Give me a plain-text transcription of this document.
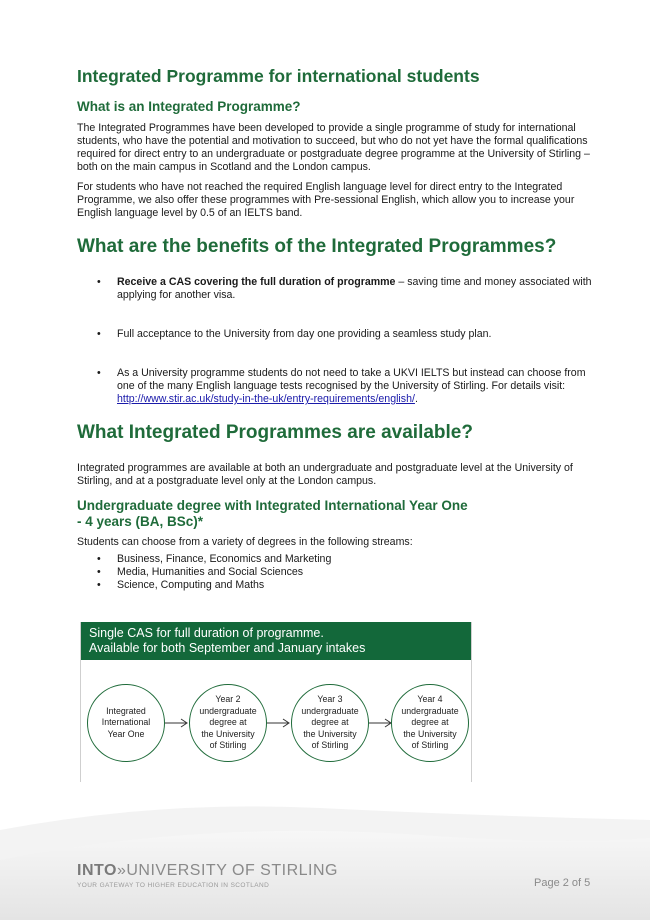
Integrated Programme for international students
What is an Integrated Programme?

The Integrated Programmes have been developed to provide a single programme of study for international students, who have the potential and motivation to succeed, but who do not yet have the formal qualifications required for direct entry to an undergraduate or postgraduate degree programme at the University of Stirling – both on the main campus in Scotland and the London campus.

For students who have not reached the required English language level for direct entry to the Integrated Programme, we also offer these programmes with Pre-sessional English, which allow you to increase your English language level by 0.5 of an IELTS band.

What are the benefits of the Integrated Programmes?
• Receive a CAS covering the full duration of programme – saving time and money associated with applying for another visa.
• Full acceptance to the University from day one providing a seamless study plan.
• As a University programme students do not need to take a UKVI IELTS but instead can choose from one of the many English language tests recognised by the University of Stirling. For details visit: http://www.stir.ac.uk/study-in-the-uk/entry-requirements/english/.
What Integrated Programmes are available?

Integrated programmes are available at both an undergraduate and postgraduate level at the University of Stirling, and at a postgraduate level only at the London campus.

Undergraduate degree with Integrated International Year One
- 4 years (BA, BSc)*

Students can choose from a variety of degrees in the following streams:

• Business, Finance, Economics and Marketing
• Media, Humanities and Social Sciences
• Science, Computing and Maths
Single CAS for full duration of programme.
Available for both September and January intakes
Integrated
International
Year One
Year 2
undergraduate
degree at
the University
of Stirling
Year 3
undergraduate
degree at
the University
of Stirling
Year 4
undergraduate
degree at
the University
of Stirling
INTO»UNIVERSITY OF STIRLING
YOUR GATEWAY TO HIGHER EDUCATION IN SCOTLAND	Page 2 of 5
